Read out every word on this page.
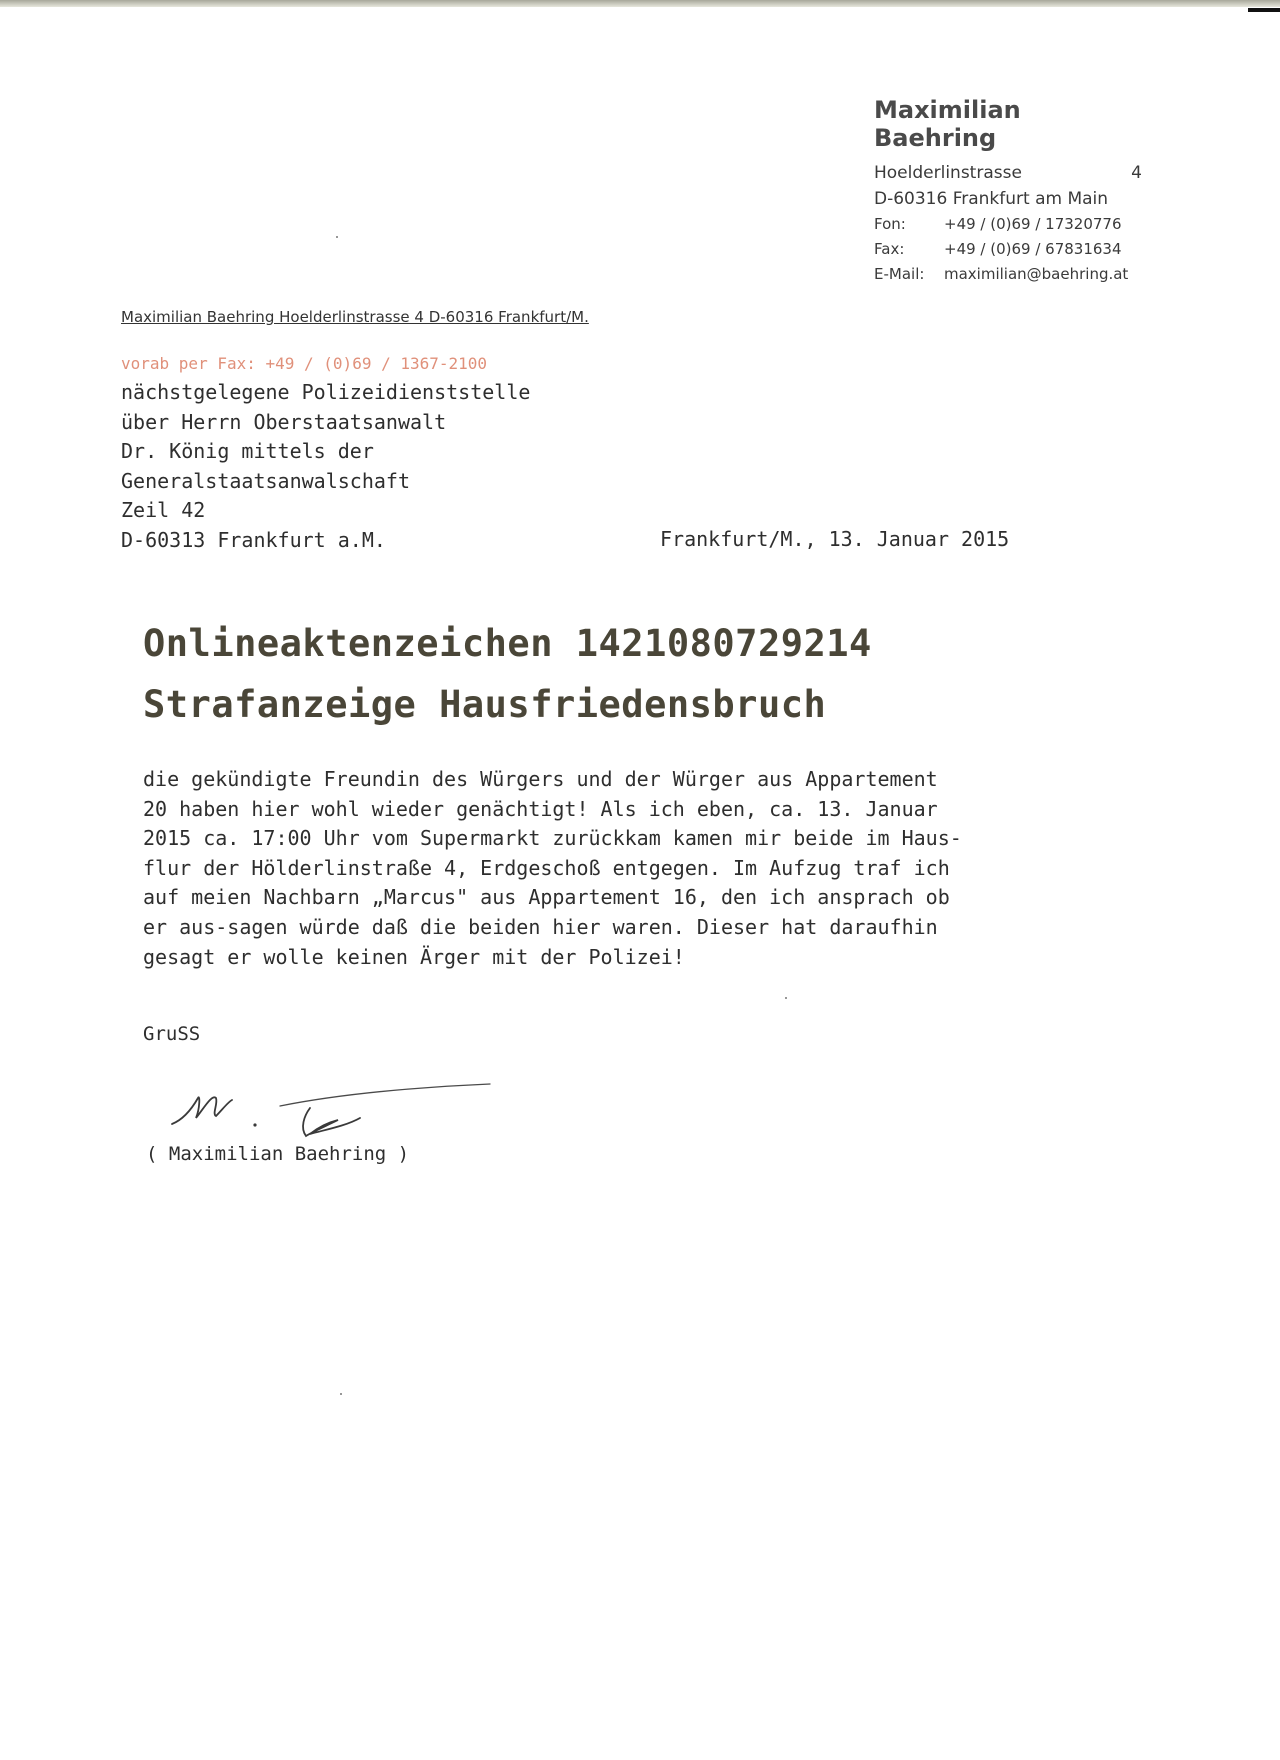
Maximilian Baehring
Hoelderlinstrasse	4
D-60316 Frankfurt am Main
Fon:	+49 / (0)69 / 17320776
Fax:	+49 / (0)69 / 67831634
E-Mail: maximilian@baehring.at
Maximilian Baehring Hoelderlinstrasse 4 D-60316 Frankfurt/M.
vorab per Fax: +49 / (0)69 / 1367-2100
nächstgelegene Polizeidienststelle
über Herrn Oberstaatsanwalt
Dr. König mittels der
Generalstaatsanwalschaft
Zeil 42
D-60313 Frankfurt a.M.	Frankfurt/M., 13. Januar 2015
Onlineaktenzeichen 1421080729214
Strafanzeige Hausfriedensbruch
die gekündigte Freundin des Würgers und der Würger aus Appartement
20 haben hier wohl wieder genächtigt! Als ich eben, ca. 13. Januar
2015 ca. 17:00 Uhr vom Supermarkt zurückkam kamen mir beide im Haus-
flur der Hölderlinstraße 4, Erdgeschoß entgegen. Im Aufzug traf ich
auf meien Nachbarn „Marcus" aus Appartement 16, den ich ansprach ob
er aus-sagen würde daß die beiden hier waren. Dieser hat daraufhin
gesagt er wolle keinen Ärger mit der Polizei!
GruSS
( Maximilian Baehring )
